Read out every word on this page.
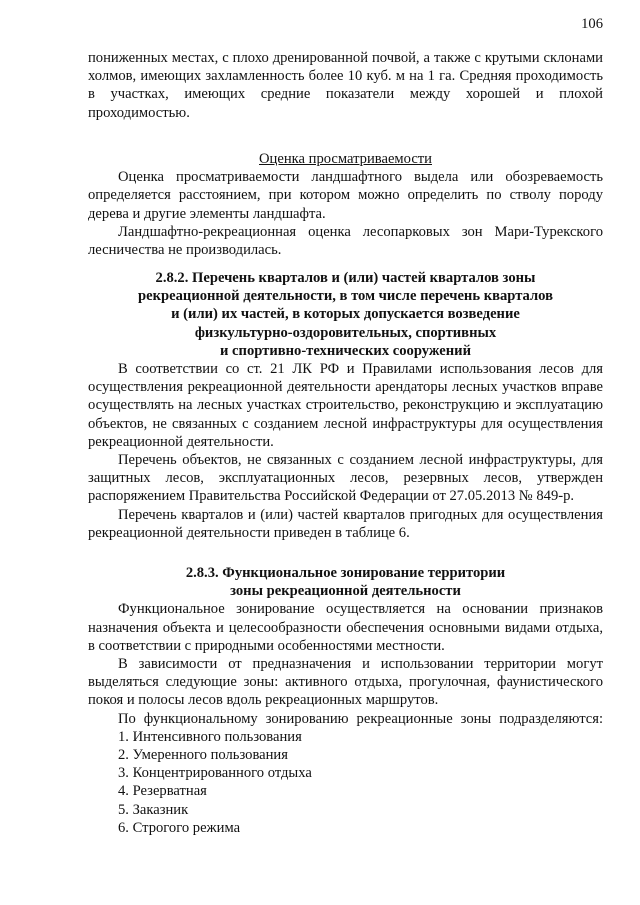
106

пониженных местах, с плохо дренированной почвой, а также с крутыми склонами холмов, имеющих захламленность более 10 куб. м на 1 га. Средняя проходимость в участках, имеющих средние показатели между хорошей и плохой проходимостью.

Оценка просматриваемости

Оценка просматриваемости ландшафтного выдела или обозреваемость определяется расстоянием, при котором можно определить по стволу породу дерева и другие элементы ландшафта.

Ландшафтно-рекреационная оценка лесопарковых зон Мари-Турекского лесничества не производилась.

2.8.2. Перечень кварталов и (или) частей кварталов зоны

рекреационной деятельности, в том числе перечень кварталов

и (или) их частей, в которых допускается возведение

физкультурно-оздоровительных, спортивных

и спортивно-технических сооружений

В соответствии со ст. 21 ЛК РФ и Правилами использования лесов для осуществления рекреационной деятельности арендаторы лесных участков вправе осуществлять на лесных участках строительство, реконструкцию и эксплуатацию объектов, не связанных с созданием лесной инфраструктуры для осуществления рекреационной деятельности.

Перечень объектов, не связанных с созданием лесной инфраструктуры, для защитных лесов, эксплуатационных лесов, резервных лесов, утвержден распоряжением Правительства Российской Федерации от 27.05.2013 № 849-р.

Перечень кварталов и (или) частей кварталов пригодных для осуществления рекреационной деятельности приведен в таблице 6.

2.8.3. Функциональное зонирование территории

зоны рекреационной деятельности

Функциональное зонирование осуществляется на основании признаков назначения объекта и целесообразности обеспечения основными видами отдыха, в соответствии с природными особенностями местности.

В зависимости от предназначения и использовании территории могут выделяться следующие зоны: активного отдыха, прогулочная, фаунистического покоя и полосы лесов вдоль рекреационных маршрутов.

По функциональному зонированию рекреационные зоны подразделяются:

1. Интенсивного пользования

2. Умеренного пользования

3. Концентрированного отдыха

4. Резерватная

5. Заказник

6. Строгого режима
